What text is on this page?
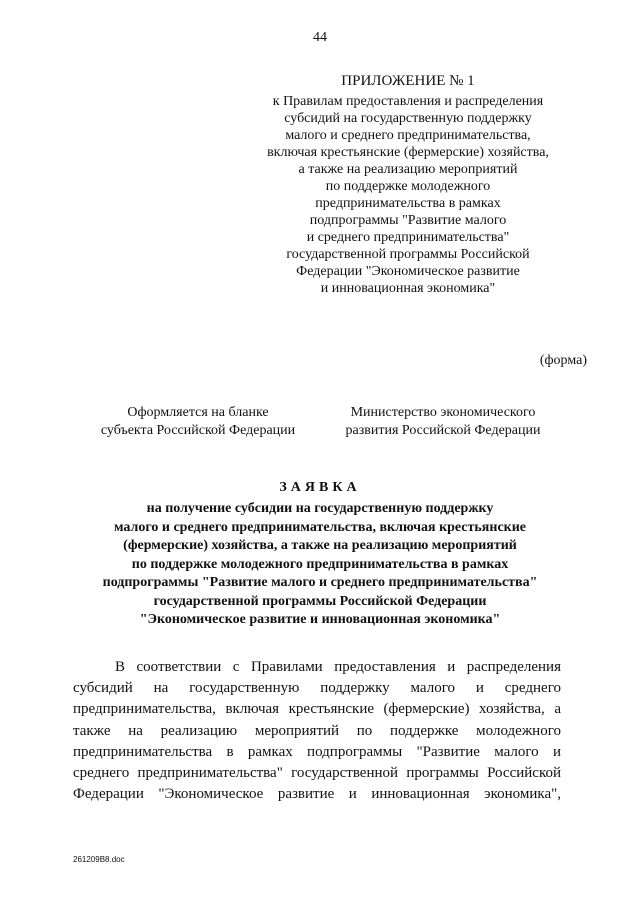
44
ПРИЛОЖЕНИЕ № 1
к Правилам предоставления и распределения
субсидий на государственную поддержку
малого и среднего предпринимательства,
включая крестьянские (фермерские) хозяйства,
а также на реализацию мероприятий
по поддержке молодежного
предпринимательства в рамках
подпрограммы "Развитие малого
и среднего предпринимательства"
государственной программы Российской
Федерации "Экономическое развитие
и инновационная экономика"
(форма)
Оформляется на бланке
субъекта Российской Федерации
Министерство экономического
развития Российской Федерации
ЗАЯВКА
на получение субсидии на государственную поддержку
малого и среднего предпринимательства, включая крестьянские
(фермерские) хозяйства, а также на реализацию мероприятий
по поддержке молодежного предпринимательства в рамках
подпрограммы "Развитие малого и среднего предпринимательства"
государственной программы Российской Федерации
"Экономическое развитие и инновационная экономика"
В соответствии с Правилами предоставления и распределения
субсидий на государственную поддержку малого и среднего
предпринимательства, включая крестьянские (фермерские) хозяйства, а
также на реализацию мероприятий по поддержке молодежного
предпринимательства в рамках подпрограммы "Развитие малого и
среднего предпринимательства" государственной программы Российской
Федерации "Экономическое развитие и инновационная экономика",
261209В8.doc
